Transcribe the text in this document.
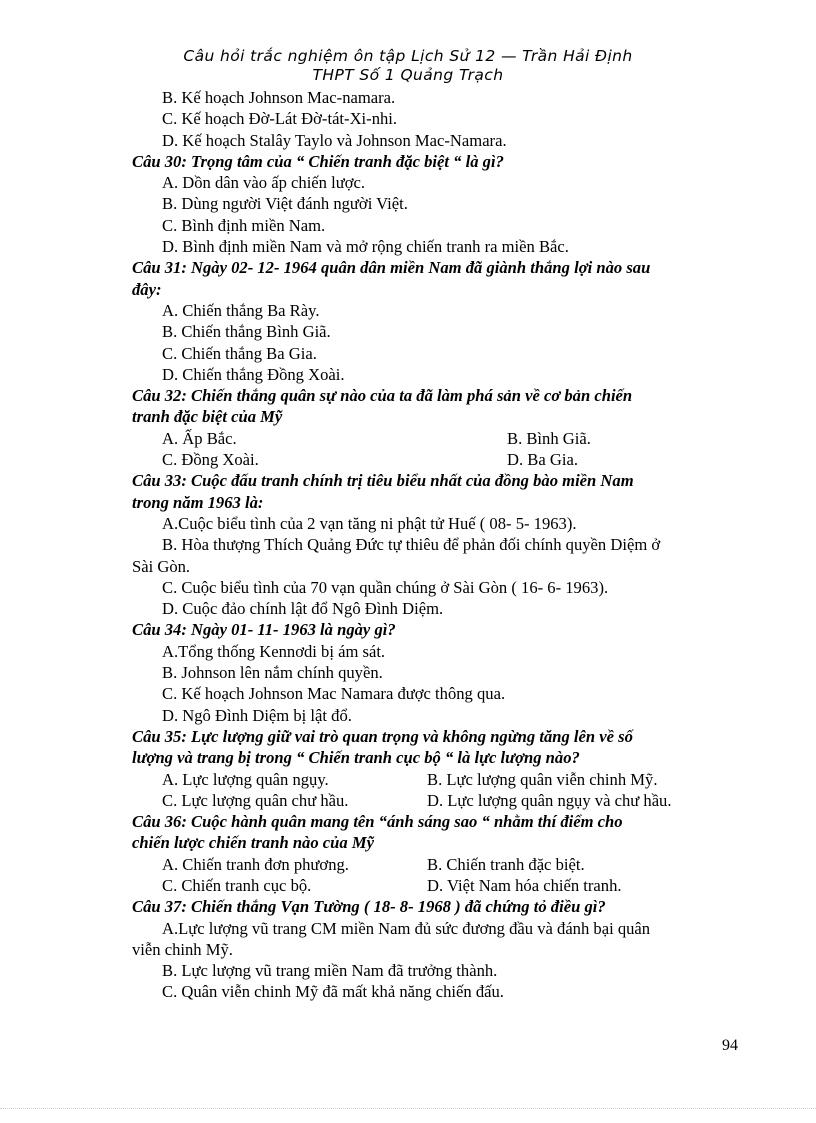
Câu hỏi trắc nghiệm ôn tập Lịch Sử 12 — Trần Hải Định
THPT Số 1 Quảng Trạch
B. Kế hoạch Johnson Mac-namara.
C. Kế hoạch Đờ-Lát Đờ-tát-Xi-nhi.
D. Kế hoạch Stalây Taylo và Johnson Mac-Namara.
Câu 30: Trọng tâm của “ Chiến tranh đặc biệt “ là gì?
A. Dồn dân vào ấp chiến lược.
B. Dùng người Việt đánh người Việt.
C. Bình định miền Nam.
D. Bình định miền Nam và mở rộng chiến tranh ra miền Bắc.
Câu 31: Ngày 02- 12- 1964 quân dân miền Nam đã giành thắng lợi nào sau
đây:
A. Chiến thắng Ba Rày.
B. Chiến thắng Bình Giã.
C. Chiến thắng Ba Gia.
D. Chiến thắng Đồng Xoài.
Câu 32: Chiến thắng quân sự nào của ta đã làm phá sản về cơ bản chiến
tranh đặc biệt của Mỹ
A. Ấp Bắc.	B. Bình Giã.
C. Đồng Xoài.	D. Ba Gia.
Câu 33: Cuộc đấu tranh chính trị tiêu biểu nhất của đồng bào miền Nam
trong năm 1963 là:
A.Cuộc biểu tình của 2 vạn tăng ni phật tử Huế ( 08- 5- 1963).
B. Hòa thượng Thích Quảng Đức tự thiêu để phản đối chính quyền Diệm ở
Sài Gòn.
C. Cuộc biểu tình của 70 vạn quần chúng ở Sài Gòn ( 16- 6- 1963).
D. Cuộc đảo chính lật đổ Ngô Đình Diệm.
Câu 34: Ngày 01- 11- 1963 là ngày gì?
A.Tổng thống Kennơdi bị ám sát.
B. Johnson lên nắm chính quyền.
C. Kế hoạch Johnson Mac Namara được thông qua.
D. Ngô Đình Diệm bị lật đổ.
Câu 35: Lực lượng giữ vai trò quan trọng và không ngừng tăng lên về số
lượng và trang bị trong “ Chiến tranh cục bộ “ là lực lượng nào?
A. Lực lượng quân ngụy.	B. Lực lượng quân viễn chinh Mỹ.
C. Lực lượng quân chư hầu.	D. Lực lượng quân ngụy và chư hầu.
Câu 36: Cuộc hành quân mang tên “ánh sáng sao “ nhằm thí điểm cho
chiến lược chiến tranh nào của Mỹ
A. Chiến tranh đơn phương.	B. Chiến tranh đặc biệt.
C. Chiến tranh cục bộ.	D. Việt Nam hóa chiến tranh.
Câu 37: Chiến thắng Vạn Tường ( 18- 8- 1968 ) đã chứng tỏ điều gì?
A.Lực lượng vũ trang CM miền Nam đủ sức đương đầu và đánh bại quân
viễn chinh Mỹ.
B. Lực lượng vũ trang miền Nam đã trưởng thành.
C. Quân viễn chinh Mỹ đã mất khả năng chiến đấu.
94
